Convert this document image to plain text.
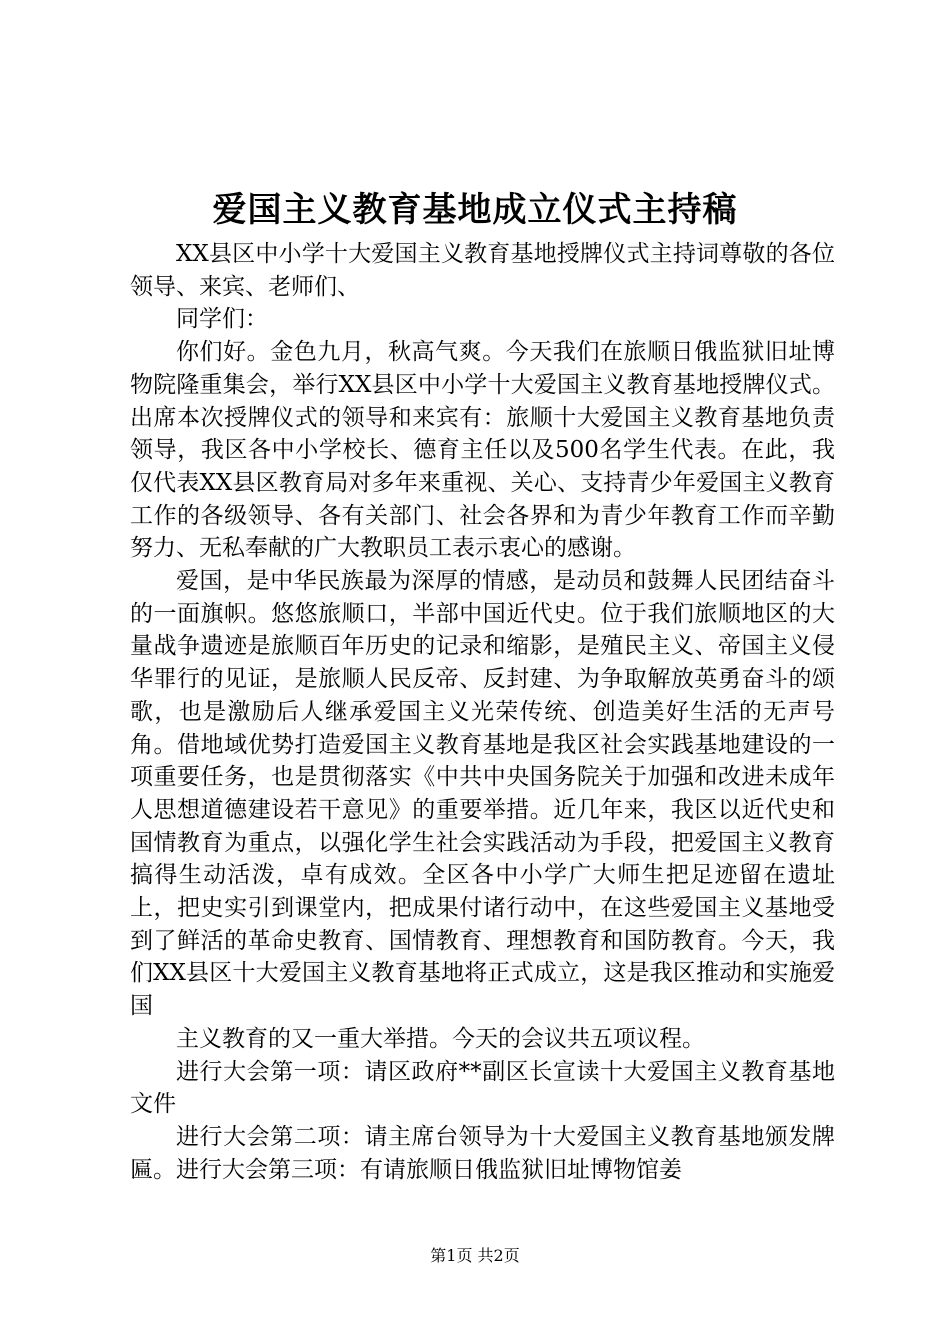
爱国主义教育基地成立仪式主持稿

XX县区中小学十大爱国主义教育基地授牌仪式主持词尊敬的各位领导、来宾、老师们、

同学们：

你们好。金色九月，秋高气爽。今天我们在旅顺日俄监狱旧址博物院隆重集会，举行XX县区中小学十大爱国主义教育基地授牌仪式。出席本次授牌仪式的领导和来宾有：旅顺十大爱国主义教育基地负责领导，我区各中小学校长、德育主任以及500名学生代表。在此，我仅代表XX县区教育局对多年来重视、关心、支持青少年爱国主义教育工作的各级领导、各有关部门、社会各界和为青少年教育工作而辛勤努力、无私奉献的广大教职员工表示衷心的感谢。

爱国，是中华民族最为深厚的情感，是动员和鼓舞人民团结奋斗的一面旗帜。悠悠旅顺口，半部中国近代史。位于我们旅顺地区的大量战争遗迹是旅顺百年历史的记录和缩影，是殖民主义、帝国主义侵华罪行的见证，是旅顺人民反帝、反封建、为争取解放英勇奋斗的颂歌，也是激励后人继承爱国主义光荣传统、创造美好生活的无声号角。借地域优势打造爱国主义教育基地是我区社会实践基地建设的一项重要任务，也是贯彻落实《中共中央国务院关于加强和改进未成年人思想道德建设若干意见》的重要举措。近几年来，我区以近代史和国情教育为重点，以强化学生社会实践活动为手段，把爱国主义教育搞得生动活泼，卓有成效。全区各中小学广大师生把足迹留在遗址上，把史实引到课堂内，把成果付诸行动中，在这些爱国主义基地受到了鲜活的革命史教育、国情教育、理想教育和国防教育。今天，我们XX县区十大爱国主义教育基地将正式成立，这是我区推动和实施爱国

主义教育的又一重大举措。今天的会议共五项议程。

进行大会第一项：请区政府**副区长宣读十大爱国主义教育基地文件

进行大会第二项：请主席台领导为十大爱国主义教育基地颁发牌匾。进行大会第三项：有请旅顺日俄监狱旧址博物馆姜

第1页 共2页
